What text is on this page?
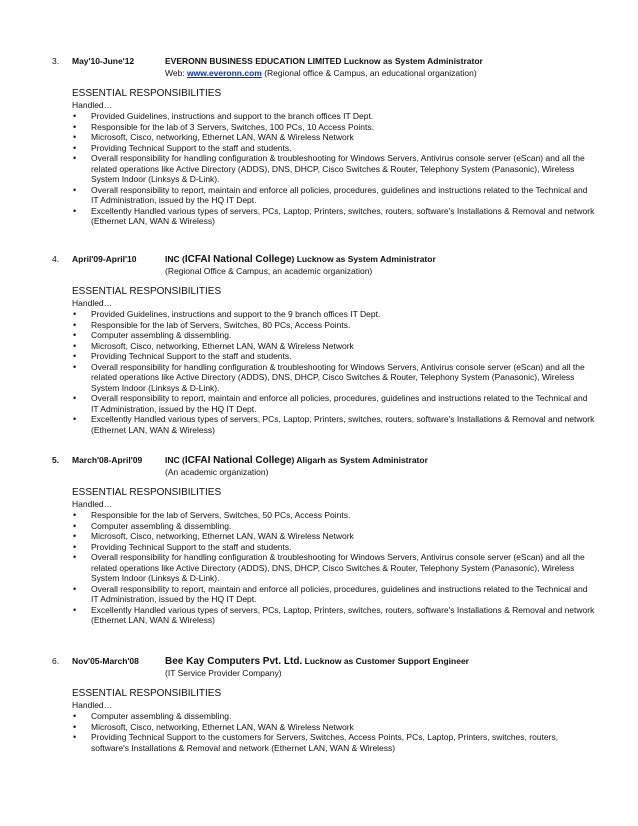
3. May'10-June'12	EVERONN BUSINESS EDUCATION LIMITED Lucknow as System Administrator
Web: www.everonn.com (Regional office & Campus, an educational organization)
ESSENTIAL RESPONSIBILITIES
Handled…
• Provided Guidelines, instructions and support to the branch offices IT Dept.
• Responsible for the lab of 3 Servers, Switches, 100 PCs, 10 Access Points.
• Microsoft, Cisco, networking, Ethernet LAN, WAN & Wireless Network
• Providing Technical Support to the staff and students.
• Overall responsibility for handling configuration & troubleshooting for Windows Servers, Antivirus console server (eScan) and all the related operations like Active Directory (ADDS), DNS, DHCP, Cisco Switches & Router, Telephony System (Panasonic), Wireless System Indoor (Linksys & D-Link).
• Overall responsibility to report, maintain and enforce all policies, procedures, guidelines and instructions related to the Technical and IT Administration, issued by the HQ IT Dept.
• Excellently Handled various types of servers, PCs, Laptop, Printers, switches, routers, software's Installations & Removal and network (Ethernet LAN, WAN & Wireless)
4. April'09-April'10	INC (ICFAI National College) Lucknow as System Administrator
(Regional Office & Campus, an academic organization)
ESSENTIAL RESPONSIBILITIES
Handled…
• Provided Guidelines, instructions and support to the 9 branch offices IT Dept.
• Responsible for the lab of Servers, Switches, 80 PCs, Access Points.
• Computer assembling & dissembling.
• Microsoft, Cisco, networking, Ethernet LAN, WAN & Wireless Network
• Providing Technical Support to the staff and students.
• Overall responsibility for handling configuration & troubleshooting for Windows Servers, Antivirus console server (eScan) and all the related operations like Active Directory (ADDS), DNS, DHCP, Cisco Switches & Router, Telephony System (Panasonic), Wireless System Indoor (Linksys & D-Link).
• Overall responsibility to report, maintain and enforce all policies, procedures, guidelines and instructions related to the Technical and IT Administration, issued by the HQ IT Dept.
• Excellently Handled various types of servers, PCs, Laptop, Printers, switches, routers, software's Installations & Removal and network (Ethernet LAN, WAN & Wireless)
5. March'08-April'09	INC (ICFAI National College) Aligarh as System Administrator
(An academic organization)
ESSENTIAL RESPONSIBILITIES
Handled…
• Responsible for the lab of Servers, Switches, 50 PCs, Access Points.
• Computer assembling & dissembling.
• Microsoft, Cisco, networking, Ethernet LAN, WAN & Wireless Network
• Providing Technical Support to the staff and students.
• Overall responsibility for handling configuration & troubleshooting for Windows Servers, Antivirus console server (eScan) and all the related operations like Active Directory (ADDS), DNS, DHCP, Cisco Switches & Router, Telephony System (Panasonic), Wireless System Indoor (Linksys & D-Link).
• Overall responsibility to report, maintain and enforce all policies, procedures, guidelines and instructions related to the Technical and IT Administration, issued by the HQ IT Dept.
• Excellently Handled various types of servers, PCs, Laptop, Printers, switches, routers, software's Installations & Removal and network (Ethernet LAN, WAN & Wireless)
6. Nov'05-March'08	Bee Kay Computers Pvt. Ltd. Lucknow as Customer Support Engineer
(IT Service Provider Company)
ESSENTIAL RESPONSIBILITIES
Handled…
• Computer assembling & dissembling.
• Microsoft, Cisco, networking, Ethernet LAN, WAN & Wireless Network
• Providing Technical Support to the customers for Servers, Switches, Access Points, PCs, Laptop, Printers, switches, routers, software's Installations & Removal and network (Ethernet LAN, WAN & Wireless)
